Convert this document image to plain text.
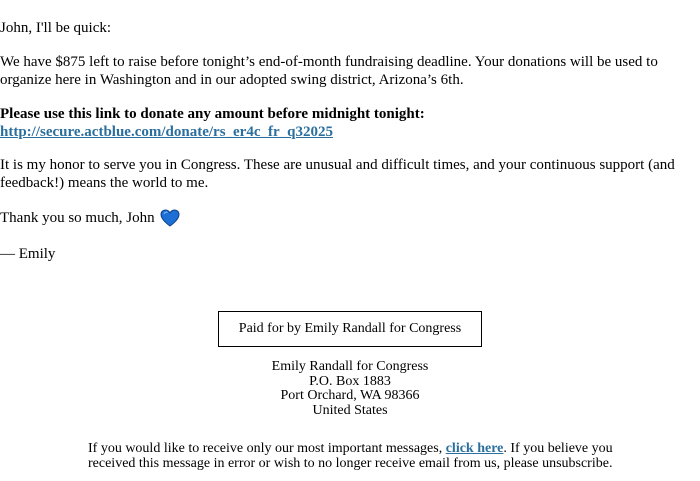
John, I'll be quick:

We have $875 left to raise before tonight’s end-of-month fundraising deadline. Your donations will be used to organize here in Washington and in our adopted swing district, Arizona’s 6th.

Please use this link to donate any amount before midnight tonight:
http://secure.actblue.com/donate/rs_er4c_fr_q32025

It is my honor to serve you in Congress. These are unusual and difficult times, and your continuous support (and feedback!) means the world to me.

Thank you so much, John

— Emily

Paid for by Emily Randall for Congress
Emily Randall for Congress
P.O. Box 1883
Port Orchard, WA 98366
United States
If you would like to receive only our most important messages, click here. If you believe you received this message in error or wish to no longer receive email from us, please unsubscribe.
